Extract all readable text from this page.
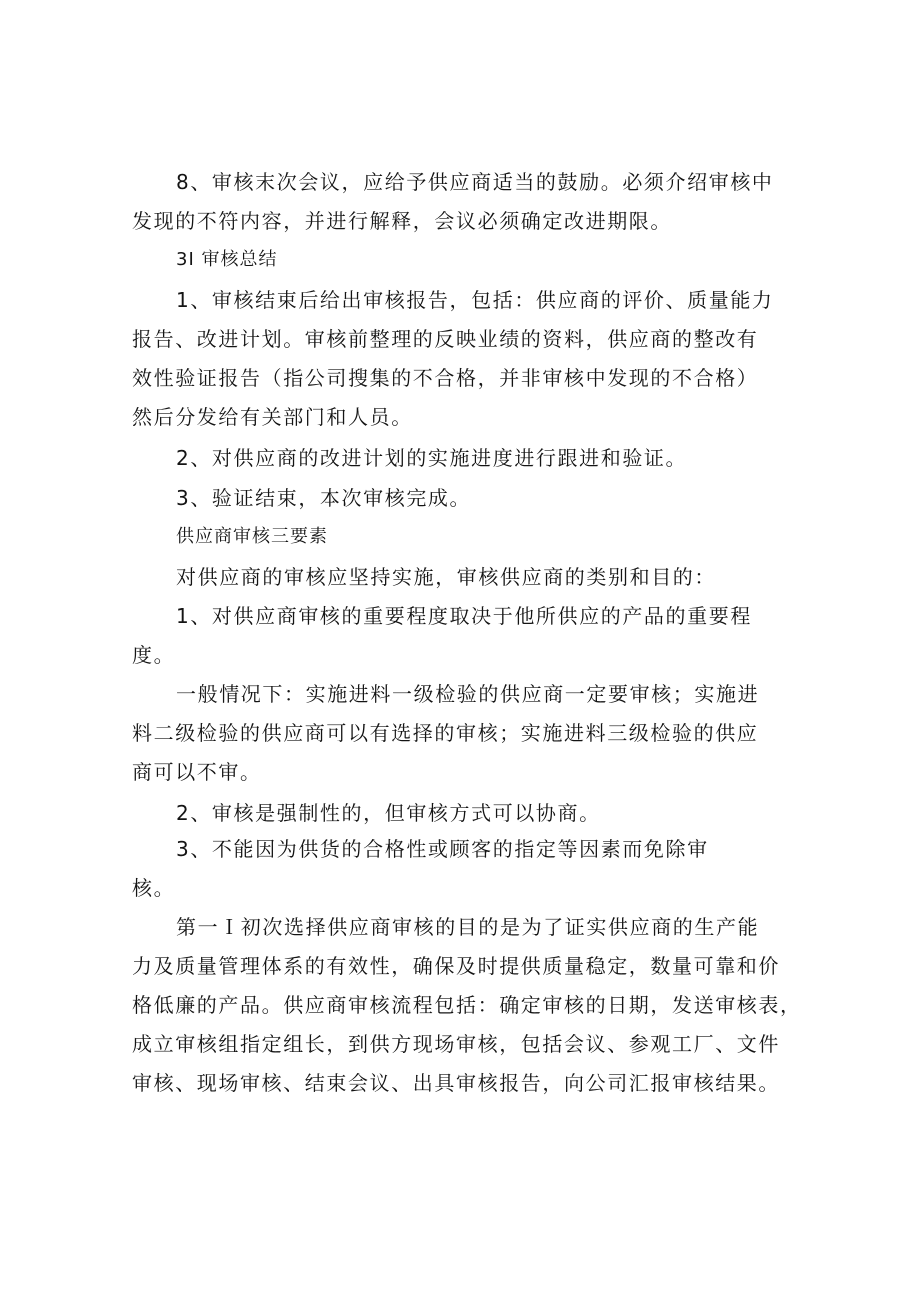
8、审核末次会议，应给予供应商适当的鼓励。必须介绍审核中

发现的不符内容，并进行解释，会议必须确定改进期限。

3I 审核总结

1、审核结束后给出审核报告，包括：供应商的评价、质量能力

报告、改进计划。审核前整理的反映业绩的资料，供应商的整改有

效性验证报告（指公司搜集的不合格，并非审核中发现的不合格）

然后分发给有关部门和人员。

2、对供应商的改进计划的实施进度进行跟进和验证。

3、验证结束，本次审核完成。

供应商审核三要素

对供应商的审核应坚持实施，审核供应商的类别和目的：

1、对供应商审核的重要程度取决于他所供应的产品的重要程

度。

一般情况下：实施进料一级检验的供应商一定要审核；实施进

料二级检验的供应商可以有选择的审核；实施进料三级检验的供应

商可以不审。

2、审核是强制性的，但审核方式可以协商。

3、不能因为供货的合格性或顾客的指定等因素而免除审

核。

第一Ｉ初次选择供应商审核的目的是为了证实供应商的生产能

力及质量管理体系的有效性，确保及时提供质量稳定，数量可靠和价

格低廉的产品。供应商审核流程包括：确定审核的日期，发送审核表，

成立审核组指定组长，到供方现场审核，包括会议、参观工厂、文件

审核、现场审核、结束会议、出具审核报告，向公司汇报审核结果。
